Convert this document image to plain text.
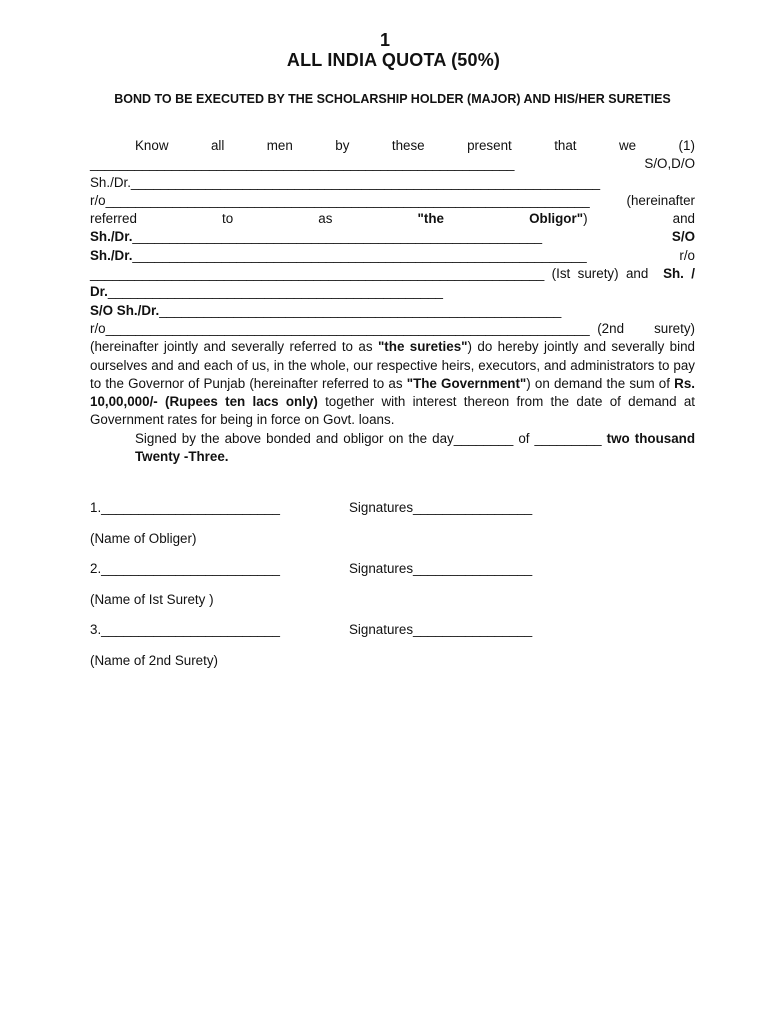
1
ALL INDIA QUOTA (50%)
BOND TO BE EXECUTED BY THE SCHOLARSHIP HOLDER (MAJOR) AND HIS/HER SURETIES
Know	all	men	by	these	present	that	we	(1)
_________________________________________________________	S/O,D/O
Sh./Dr._______________________________________________________________
r/o_________________________________________________________________	(hereinafter
referred	to	as	"the	Obligor")	and
Sh./Dr._______________________________________________________	S/O
Sh./Dr._____________________________________________________________	r/o
_____________________________________________________________ (Ist surety) and  Sh. /
Dr._____________________________________________
S/O Sh./Dr.______________________________________________________
r/o_________________________________________________________________ (2nd    surety)
(hereinafter jointly and severally referred to as "the sureties") do hereby jointly and severally bind ourselves and and each of us, in the whole, our respective heirs, executors, and administrators to pay to the Governor of Punjab (hereinafter referred to as "The Government") on demand the sum of Rs. 10,00,000/- (Rupees ten lacs only) together with interest thereon from the date of demand at Government rates for being in force on Govt. loans.
Signed by the above bonded and obligor on the day________ of _________ two thousand Twenty -Three.
1.________________________	Signatures________________
(Name of Obliger)
2.________________________	Signatures________________
(Name of Ist Surety )
3.________________________	Signatures________________
(Name of 2nd Surety)
